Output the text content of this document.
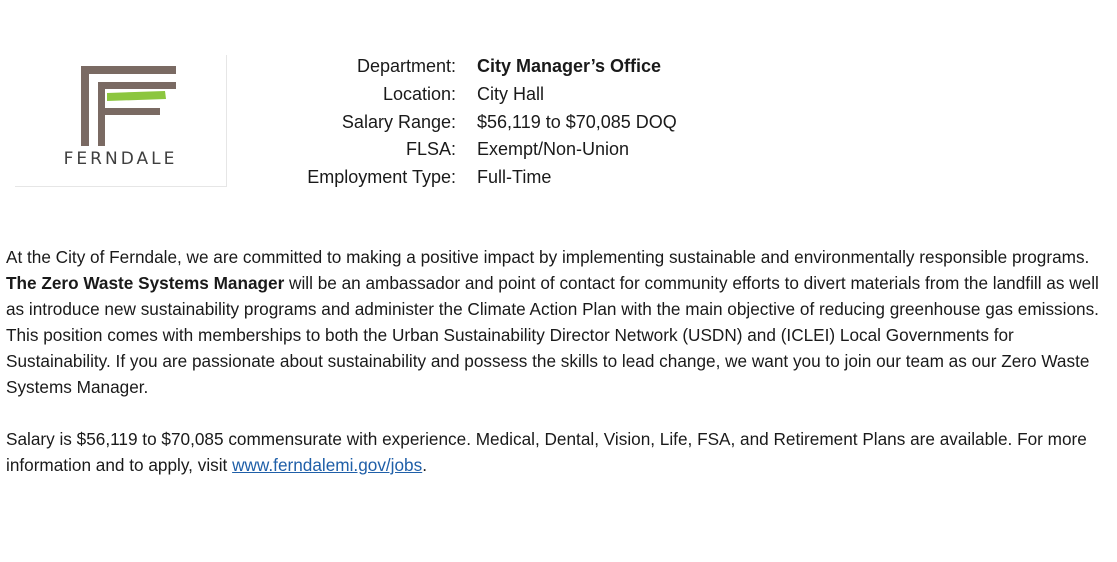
FERNDALE
Department:	City Manager’s Office
Location:	City Hall
Salary Range:	$56,119 to $70,085 DOQ
FLSA:	Exempt/Non-Union
Employment Type:	Full-Time

At the City of Ferndale, we are committed to making a positive impact by implementing sustainable and environmentally responsible programs. The Zero Waste Systems Manager will be an ambassador and point of contact for community efforts to divert materials from the landfill as well as introduce new sustainability programs and administer the Climate Action Plan with the main objective of reducing greenhouse gas emissions. This position comes with memberships to both the Urban Sustainability Director Network (USDN) and (ICLEI) Local Governments for Sustainability. If you are passionate about sustainability and possess the skills to lead change, we want you to join our team as our Zero Waste Systems Manager.

Salary is $56,119 to $70,085 commensurate with experience. Medical, Dental, Vision, Life, FSA, and Retirement Plans are available. For more information and to apply, visit www.ferndalemi.gov/jobs.
